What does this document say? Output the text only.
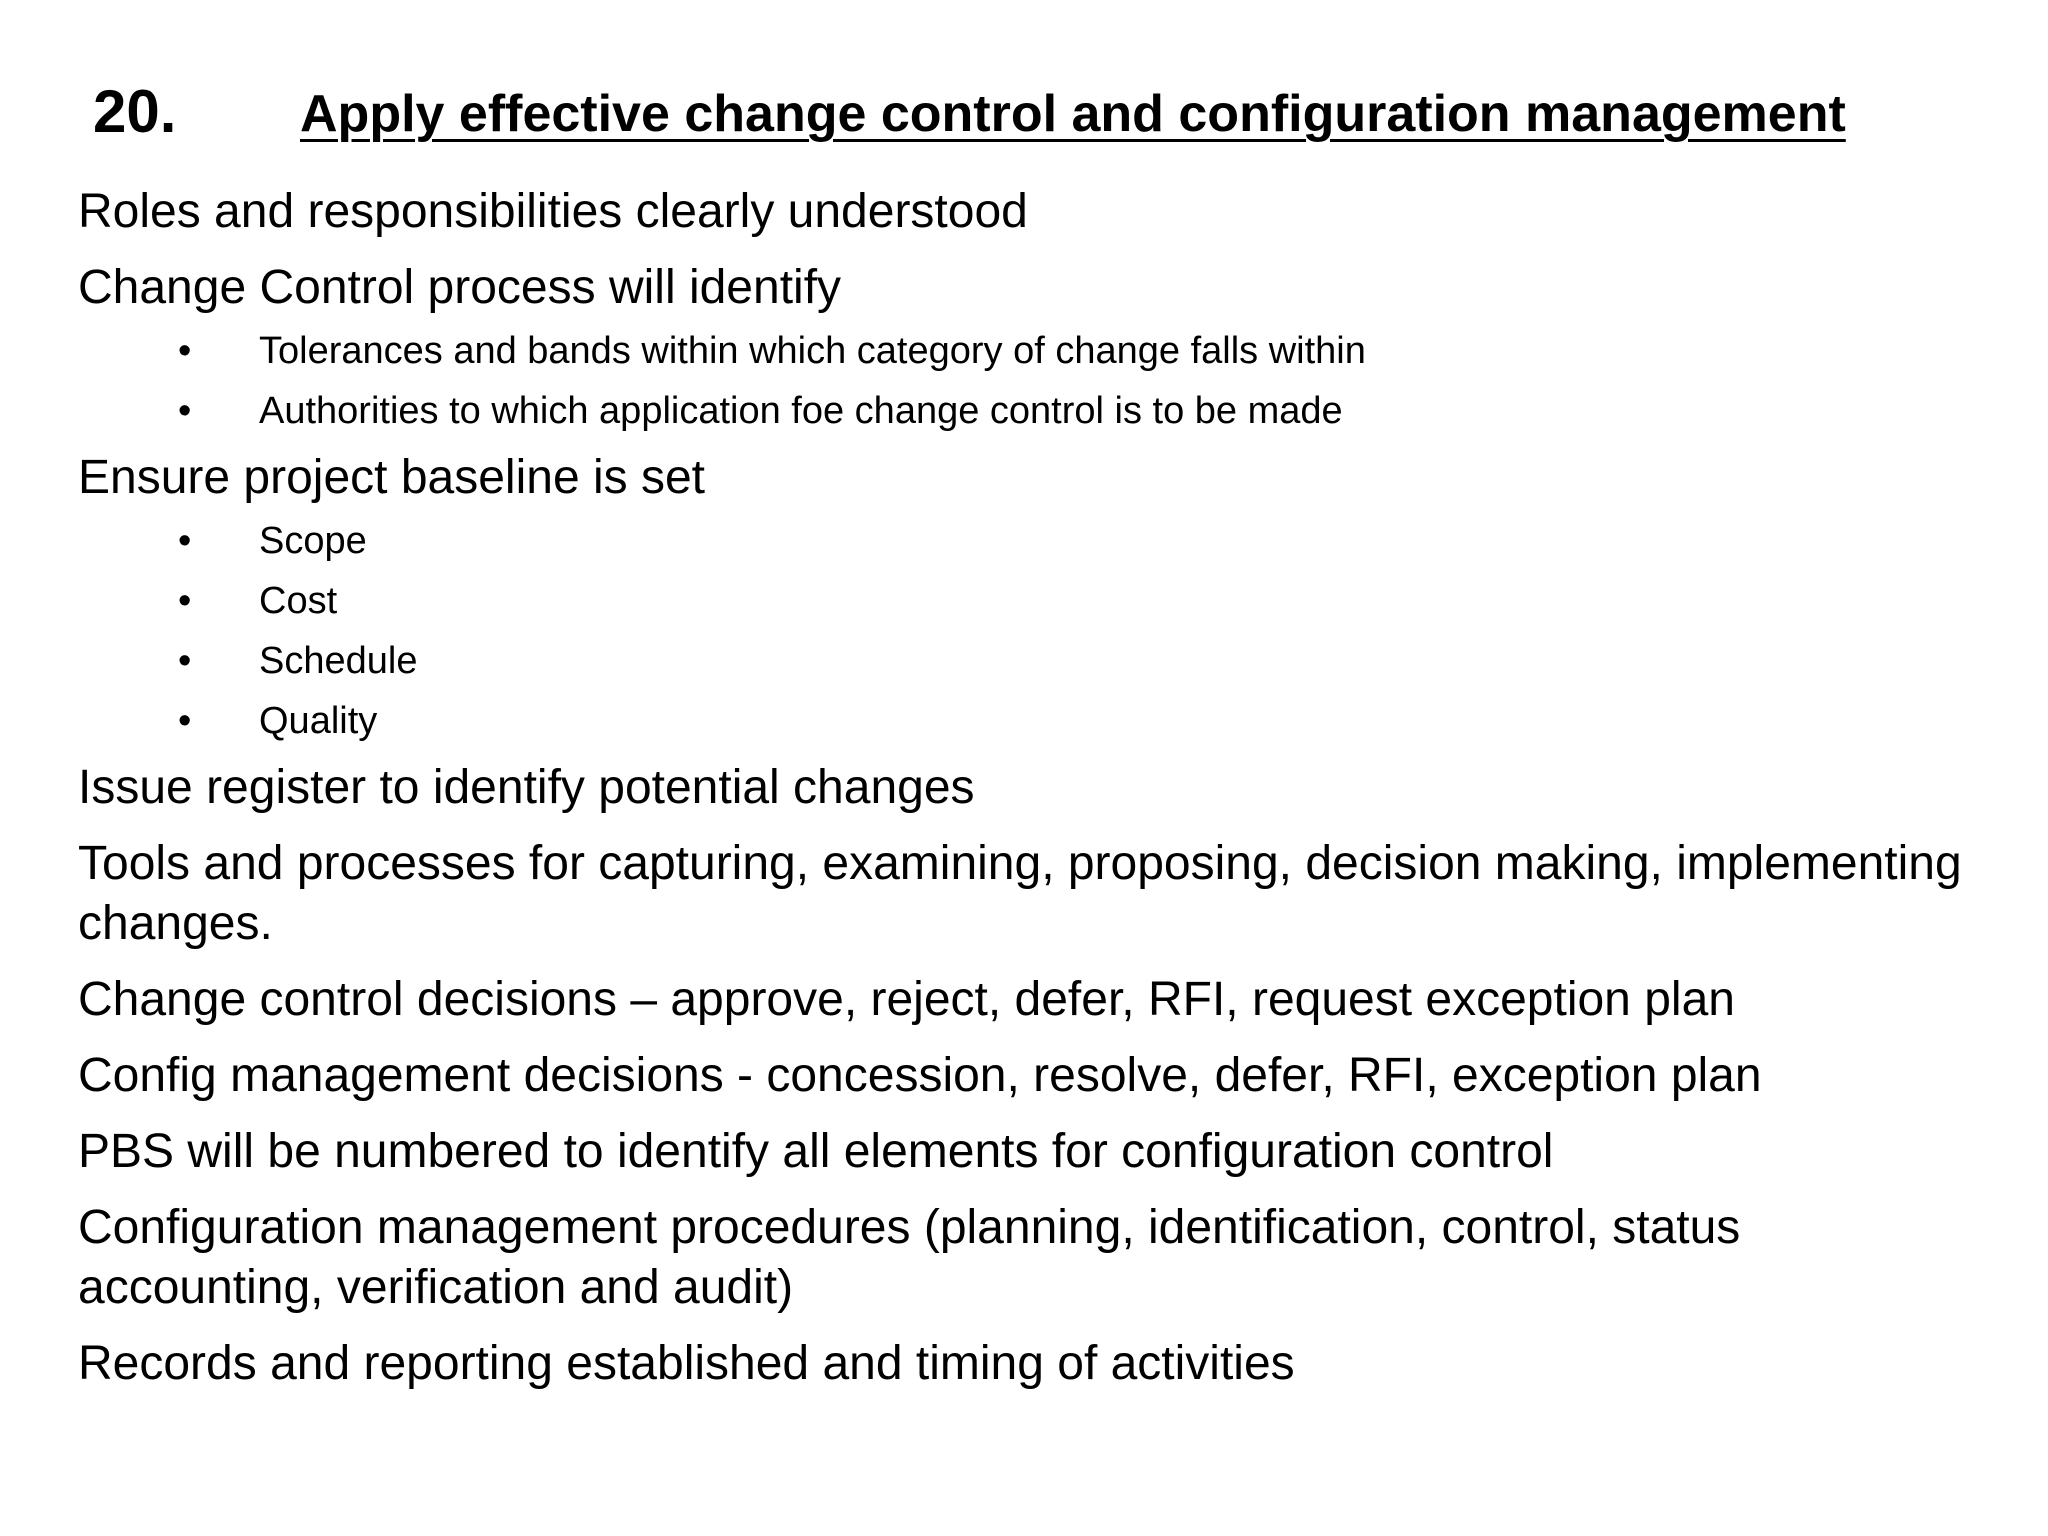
20. Apply effective change control and configuration management

Roles and responsibilities clearly understood

Change Control process will identify

• Tolerances and bands within which category of change falls within
• Authorities to which application foe change control is to be made

Ensure project baseline is set

• Scope
• Cost
• Schedule
• Quality

Issue register to identify potential changes

Tools and processes for capturing, examining, proposing, decision making, implementing changes.

Change control decisions – approve, reject, defer, RFI, request exception plan

Config management decisions - concession, resolve, defer, RFI, exception plan

PBS will be numbered to identify all elements for configuration control

Configuration management procedures (planning, identification, control, status accounting, verification and audit)

Records and reporting established and timing of activities
